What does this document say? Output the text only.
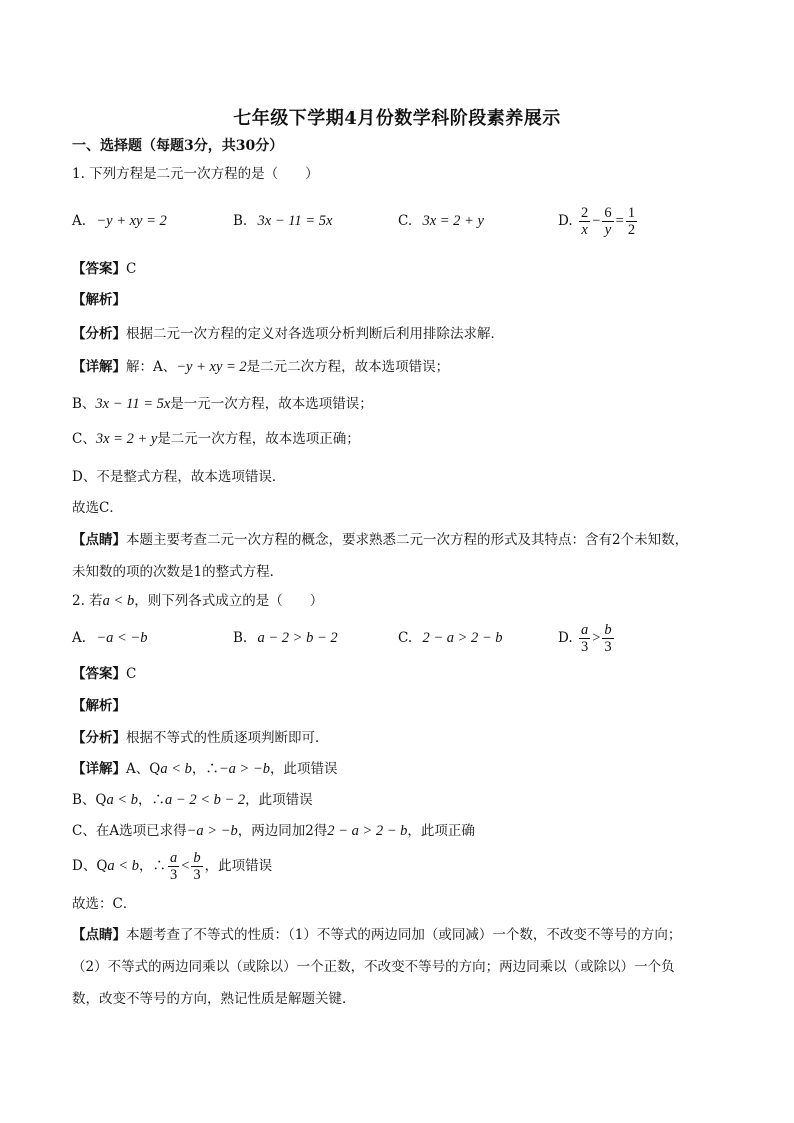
七年级下学期4月份数学科阶段素养展示
一、选择题（每题3分，共30分）
1. 下列方程是二元一次方程的是（　　）
A. −y + xy = 2	B. 3x − 11 = 5x	C. 3x = 2 + y	D. $\frac{2}{x} - \frac{6}{y} = \frac{1}{2}$
【答案】C
【解析】
【分析】根据二元一次方程的定义对各选项分析判断后利用排除法求解．
【详解】解：A、−y + xy = 2是二元二次方程，故本选项错误；
B、3x − 11 = 5x是一元一次方程，故本选项错误；
C、3x = 2 + y是二元一次方程，故本选项正确；
D、不是整式方程，故本选项错误．
故选C．
【点睛】本题主要考查二元一次方程的概念，要求熟悉二元一次方程的形式及其特点：含有2个未知数，
未知数的项的次数是1的整式方程．
2. 若a < b，则下列各式成立的是（　　）
A. −a < −b	B. a − 2 > b − 2	C. 2 − a > 2 − b	D. $\frac{a}{3} > \frac{b}{3}$
【答案】C
【解析】
【分析】根据不等式的性质逐项判断即可．
【详解】A、Qa < b，∴−a > −b，此项错误
B、Qa < b，∴a − 2 < b − 2，此项错误
C、在A选项已求得−a > −b，两边同加2得2 − a > 2 − b，此项正确
D、Qa < b，∴ $\frac{a}{3} < \frac{b}{3}$ ，此项错误
故选：C．
【点睛】本题考查了不等式的性质：（1）不等式的两边同加（或同减）一个数，不改变不等号的方向；
（2）不等式的两边同乘以（或除以）一个正数，不改变不等号的方向；两边同乘以（或除以）一个负
数，改变不等号的方向，熟记性质是解题关键．
